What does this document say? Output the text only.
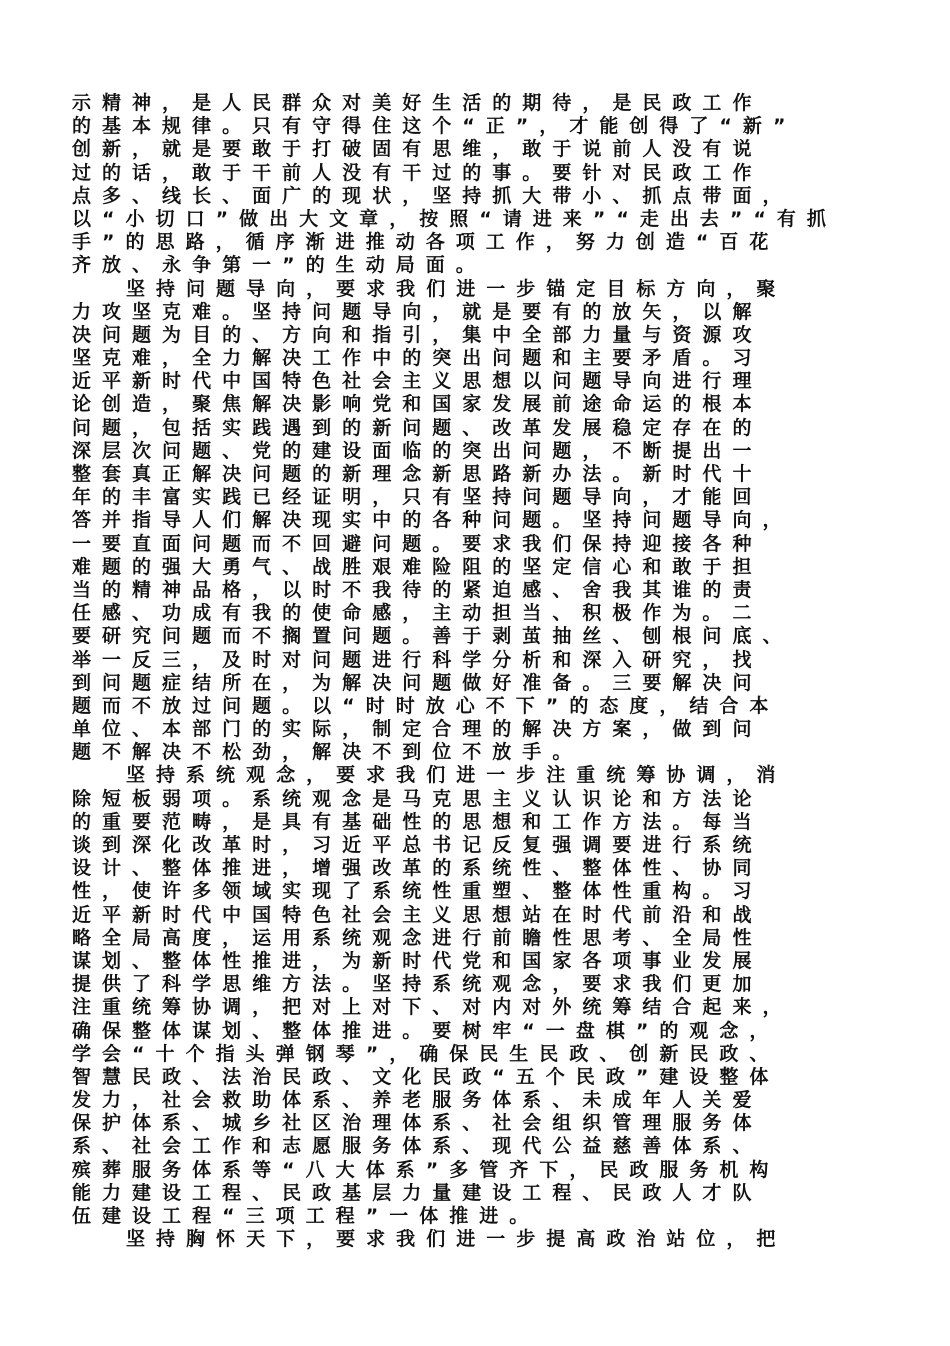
示精神，是人民群众对美好生活的期待，是民政工作
的基本规律。只有守得住这个“正”，才能创得了“新”
创新，就是要敢于打破固有思维，敢于说前人没有说
过的话，敢于干前人没有干过的事。要针对民政工作
点多、线长、面广的现状，坚持抓大带小、抓点带面，
以“小切口”做出大文章，按照“请进来”“走出去”“有抓
手”的思路，循序渐进推动各项工作，努力创造“百花
齐放、永争第一”的生动局面。
坚持问题导向，要求我们进一步锚定目标方向，聚
力攻坚克难。坚持问题导向，就是要有的放矢，以解
决问题为目的、方向和指引，集中全部力量与资源攻
坚克难，全力解决工作中的突出问题和主要矛盾。习
近平新时代中国特色社会主义思想以问题导向进行理
论创造，聚焦解决影响党和国家发展前途命运的根本
问题，包括实践遇到的新问题、改革发展稳定存在的
深层次问题、党的建设面临的突出问题，不断提出一
整套真正解决问题的新理念新思路新办法。新时代十
年的丰富实践已经证明，只有坚持问题导向，才能回
答并指导人们解决现实中的各种问题。坚持问题导向，
一要直面问题而不回避问题。要求我们保持迎接各种
难题的强大勇气、战胜艰难险阻的坚定信心和敢于担
当的精神品格，以时不我待的紧迫感、舍我其谁的责
任感、功成有我的使命感，主动担当、积极作为。二
要研究问题而不搁置问题。善于剥茧抽丝、刨根问底、
举一反三，及时对问题进行科学分析和深入研究，找
到问题症结所在，为解决问题做好准备。三要解决问
题而不放过问题。以“时时放心不下”的态度，结合本
单位、本部门的实际，制定合理的解决方案，做到问
题不解决不松劲，解决不到位不放手。
坚持系统观念，要求我们进一步注重统筹协调，消
除短板弱项。系统观念是马克思主义认识论和方法论
的重要范畴，是具有基础性的思想和工作方法。每当
谈到深化改革时，习近平总书记反复强调要进行系统
设计、整体推进，增强改革的系统性、整体性、协同
性，使许多领域实现了系统性重塑、整体性重构。习
近平新时代中国特色社会主义思想站在时代前沿和战
略全局高度，运用系统观念进行前瞻性思考、全局性
谋划、整体性推进，为新时代党和国家各项事业发展
提供了科学思维方法。坚持系统观念，要求我们更加
注重统筹协调，把对上对下、对内对外统筹结合起来，
确保整体谋划、整体推进。要树牢“一盘棋”的观念，
学会“十个指头弹钢琴”，确保民生民政、创新民政、
智慧民政、法治民政、文化民政“五个民政”建设整体
发力，社会救助体系、养老服务体系、未成年人关爱
保护体系、城乡社区治理体系、社会组织管理服务体
系、社会工作和志愿服务体系、现代公益慈善体系、
殡葬服务体系等“八大体系”多管齐下，民政服务机构
能力建设工程、民政基层力量建设工程、民政人才队
伍建设工程“三项工程”一体推进。
坚持胸怀天下，要求我们进一步提高政治站位，把
